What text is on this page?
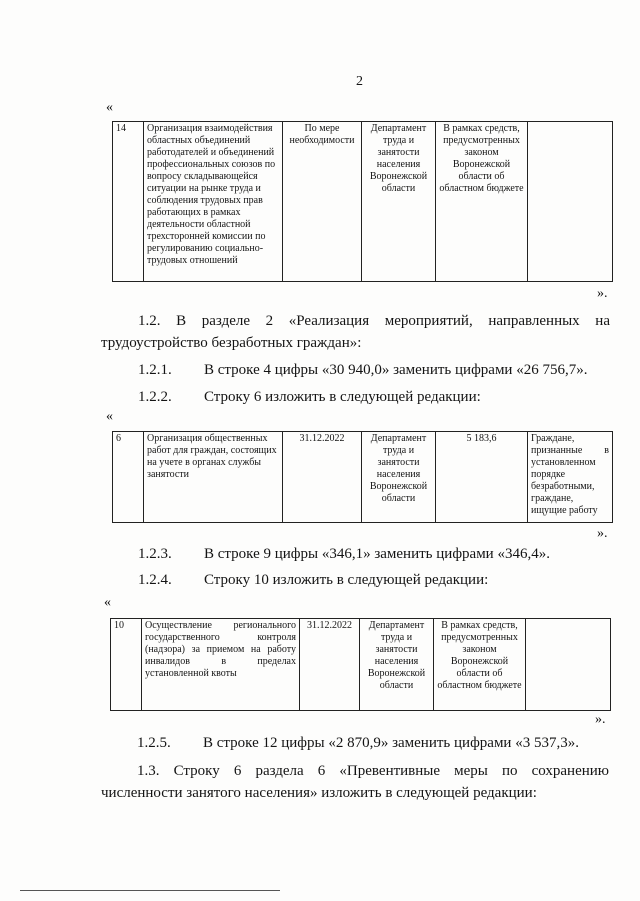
2
«
14	Организация взаимодействия областных объединений работодателей и объединений профессиональных союзов по вопросу складывающейся ситуации на рынке труда и соблюдения трудовых прав работающих в рамках деятельности областной трехсторонней комиссии по регулированию социально-трудовых отношений	По мере необходимости	Департамент труда и занятости населения Воронежской области	В рамках средств, предусмотренных законом Воронежской области об областном бюджете	
».
1.2. В разделе 2 «Реализация мероприятий, направленных на
трудоустройство безработных граждан»:
1.2.1. В строке 4 цифры «30 940,0» заменить цифрами «26 756,7».
1.2.2. Строку 6 изложить в следующей редакции:
«
6	Организация общественных работ для граждан, состоящих на учете в органах службы занятости	31.12.2022	Департамент труда и занятости населения Воронежской области	5 183,6	Граждане, признанные в установленном порядке безработными, граждане, ищущие работу
».
1.2.3. В строке 9 цифры «346,1» заменить цифрами «346,4».
1.2.4. Строку 10 изложить в следующей редакции:
«
10	Осуществление регионального государственного контроля (надзора) за приемом на работу инвалидов в пределах установленной квоты	31.12.2022	Департамент труда и занятости населения Воронежской области	В рамках средств, предусмотренных законом Воронежской области об областном бюджете	
».
1.2.5. В строке 12 цифры «2 870,9» заменить цифрами «3 537,3».
1.3. Строку 6 раздела 6 «Превентивные меры по сохранению
численности занятого населения» изложить в следующей редакции:
